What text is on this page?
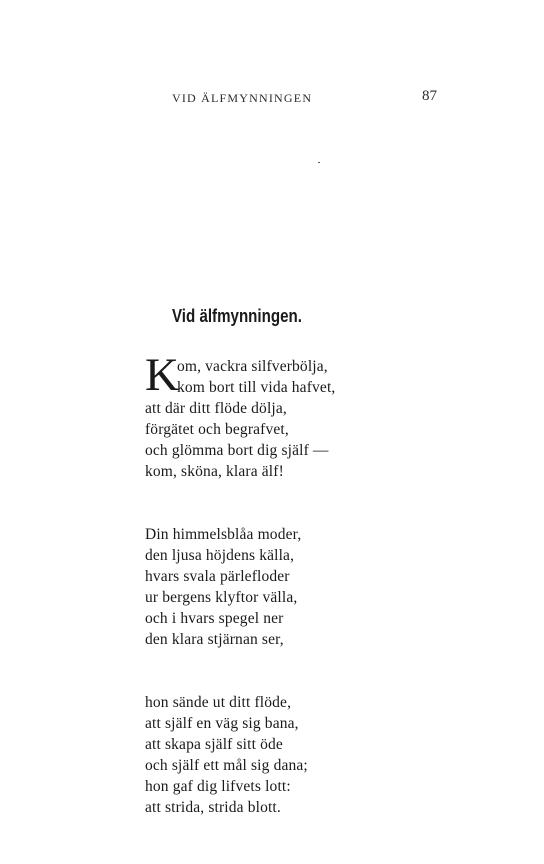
VID ÄLFMYNNINGEN	87
Vid älfmynningen.
K
om, vackra silfverbölja,
kom bort till vida hafvet,
att där ditt flöde dölja,
förgätet och begrafvet,
och glömma bort dig själf —
kom, sköna, klara älf!
Din himmelsblåa moder,
den ljusa höjdens källa,
hvars svala pärlefloder
ur bergens klyftor välla,
och i hvars spegel ner
den klara stjärnan ser,
hon sände ut ditt flöde,
att själf en väg sig bana,
att skapa själf sitt öde
och själf ett mål sig dana;
hon gaf dig lifvets lott:
att strida, strida blott.
